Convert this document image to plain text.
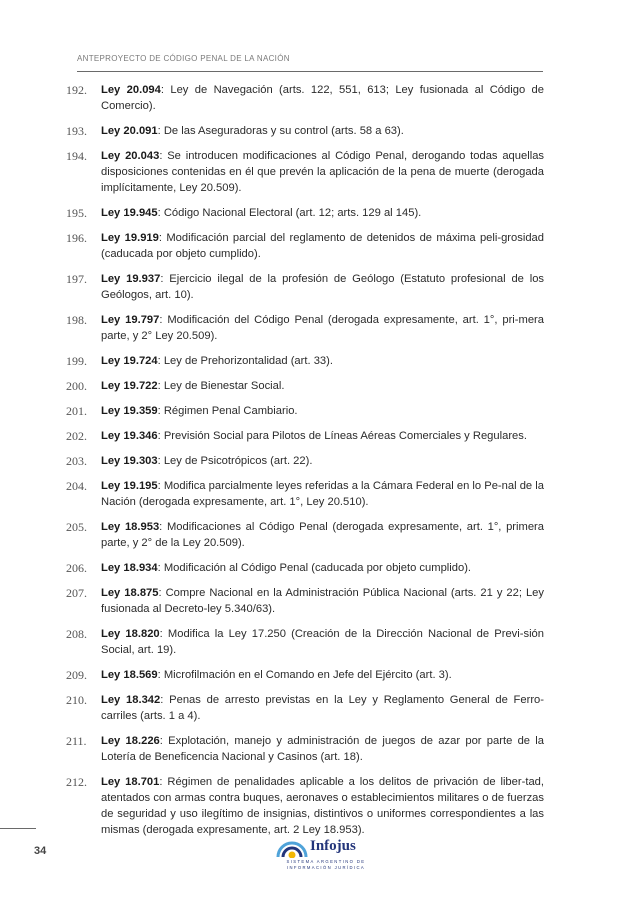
ANTEPROYECTO DE CÓDIGO PENAL DE LA NACIÓN
192. Ley 20.094: Ley de Navegación (arts. 122, 551, 613; Ley fusionada al Código de Comercio).
193. Ley 20.091: De las Aseguradoras y su control (arts. 58 a 63).
194. Ley 20.043: Se introducen modificaciones al Código Penal, derogando todas aquellas disposiciones contenidas en él que prevén la aplicación de la pena de muerte (derogada implícitamente, Ley 20.509).
195. Ley 19.945: Código Nacional Electoral (art. 12; arts. 129 al 145).
196. Ley 19.919: Modificación parcial del reglamento de detenidos de máxima peli-grosidad (caducada por objeto cumplido).
197. Ley 19.937: Ejercicio ilegal de la profesión de Geólogo (Estatuto profesional de los Geólogos, art. 10).
198. Ley 19.797: Modificación del Código Penal (derogada expresamente, art. 1°, pri-mera parte, y 2° Ley 20.509).
199. Ley 19.724: Ley de Prehorizontalidad (art. 33).
200. Ley 19.722: Ley de Bienestar Social.
201. Ley 19.359: Régimen Penal Cambiario.
202. Ley 19.346: Previsión Social para Pilotos de Líneas Aéreas Comerciales y Regulares.
203. Ley 19.303: Ley de Psicotrópicos (art. 22).
204. Ley 19.195: Modifica parcialmente leyes referidas a la Cámara Federal en lo Pe-nal de la Nación (derogada expresamente, art. 1°, Ley 20.510).
205. Ley 18.953: Modificaciones al Código Penal (derogada expresamente, art. 1°, primera parte, y 2° de la Ley 20.509).
206. Ley 18.934: Modificación al Código Penal (caducada por objeto cumplido).
207. Ley 18.875: Compre Nacional en la Administración Pública Nacional (arts. 21 y 22; Ley fusionada al Decreto-ley 5.340/63).
208. Ley 18.820: Modifica la Ley 17.250 (Creación de la Dirección Nacional de Previ-sión Social, art. 19).
209. Ley 18.569: Microfilmación en el Comando en Jefe del Ejército (art. 3).
210. Ley 18.342: Penas de arresto previstas en la Ley y Reglamento General de Ferro-carriles (arts. 1 a 4).
211. Ley 18.226: Explotación, manejo y administración de juegos de azar por parte de la Lotería de Beneficencia Nacional y Casinos (art. 18).
212. Ley 18.701: Régimen de penalidades aplicable a los delitos de privación de liber-tad, atentados con armas contra buques, aeronaves o establecimientos militares o de fuerzas de seguridad y uso ilegítimo de insignias, distintivos o uniformes correspondientes a las mismas (derogada expresamente, art. 2 Ley 18.953).
34	Infojus
SISTEMA ARGENTINO DE
INFORMACIÓN JURÍDICA
